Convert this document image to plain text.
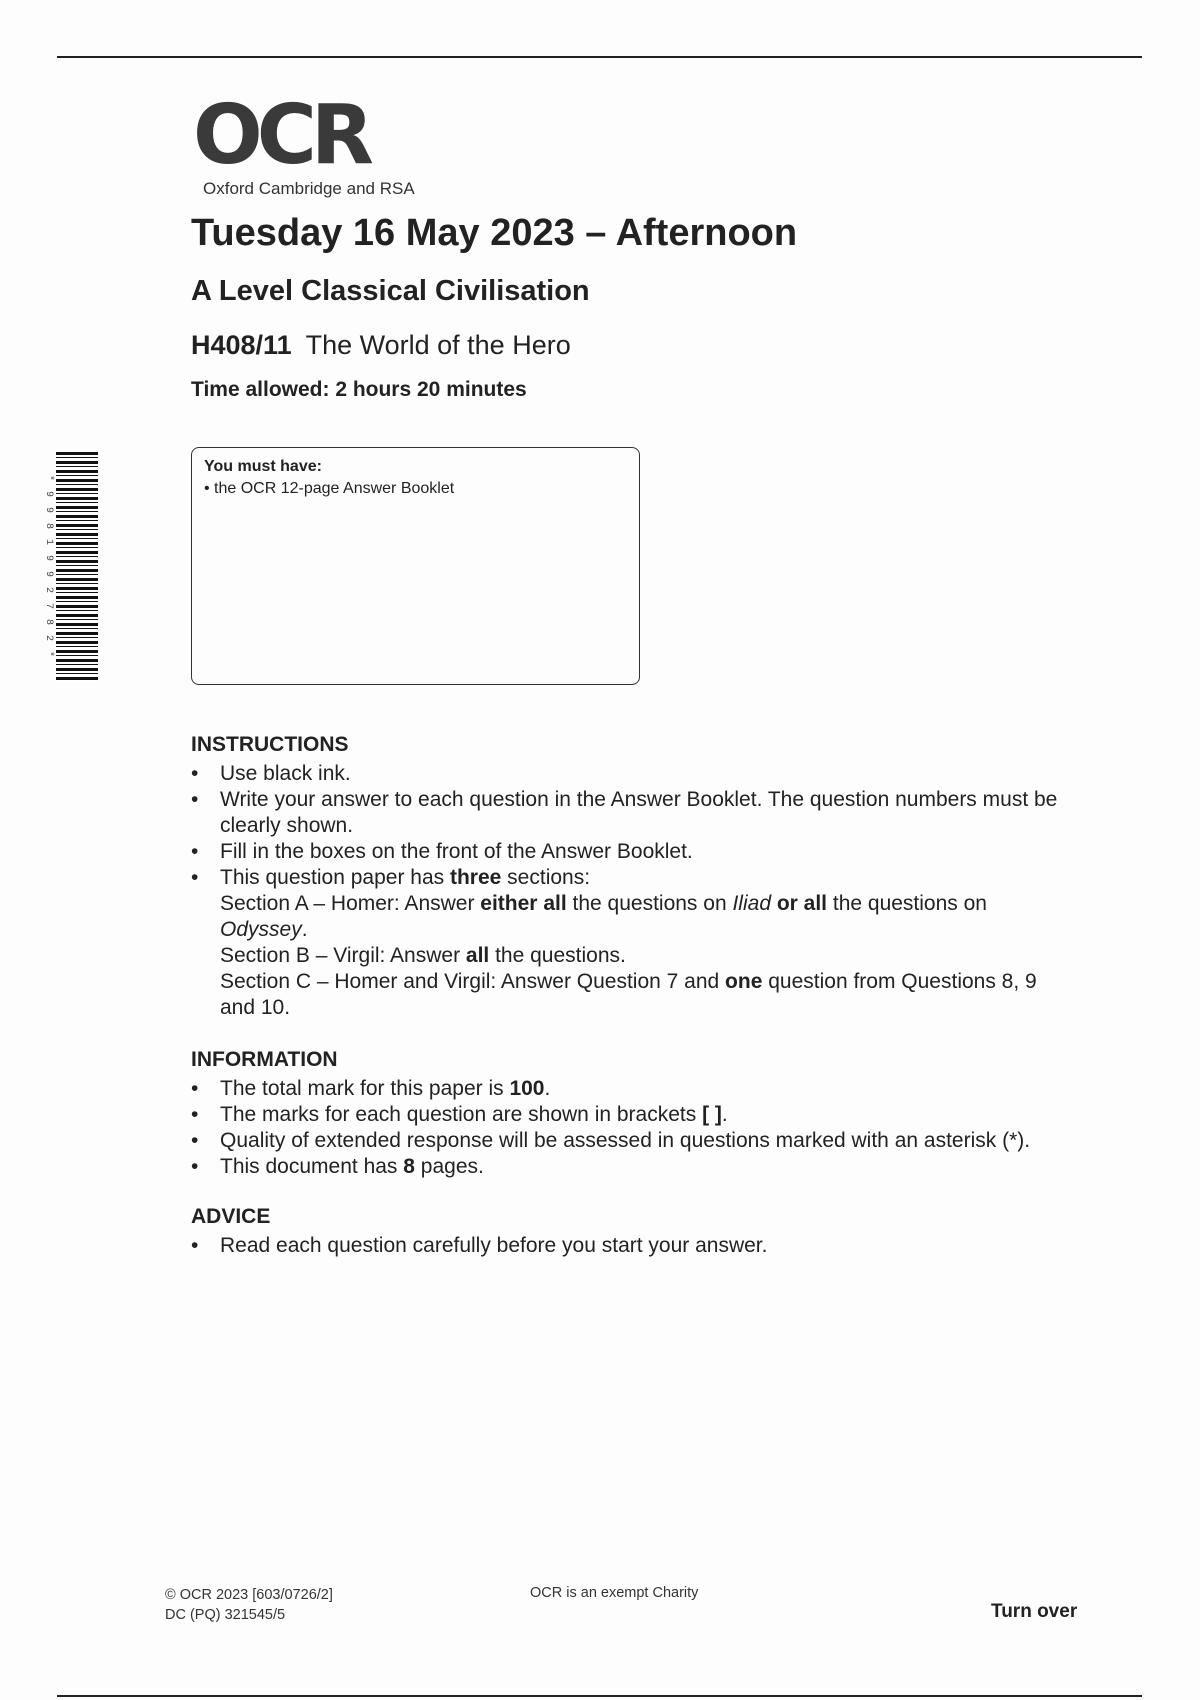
OCR
Oxford Cambridge and RSA
Tuesday 16 May 2023 – Afternoon
A Level Classical Civilisation
H408/11 The World of the Hero
Time allowed: 2 hours 20 minutes
* 9 9 8 1 9 9 2 7 8 2 *
You must have:
• the OCR 12-page Answer Booklet
INSTRUCTIONS
• Use black ink.
• Write your answer to each question in the Answer Booklet. The question numbers must be clearly shown.
• Fill in the boxes on the front of the Answer Booklet.
• This question paper has three sections:
Section A – Homer: Answer either all the questions on Iliad or all the questions on
Odyssey.
Section B – Virgil: Answer all the questions.
Section C – Homer and Virgil: Answer Question 7 and one question from Questions 8, 9
and 10.
INFORMATION
• The total mark for this paper is 100.
• The marks for each question are shown in brackets [ ].
• Quality of extended response will be assessed in questions marked with an asterisk (*).
• This document has 8 pages.
ADVICE
• Read each question carefully before you start your answer.
© OCR 2023 [603/0726/2]
DC (PQ) 321545/5
OCR is an exempt Charity
Turn over
